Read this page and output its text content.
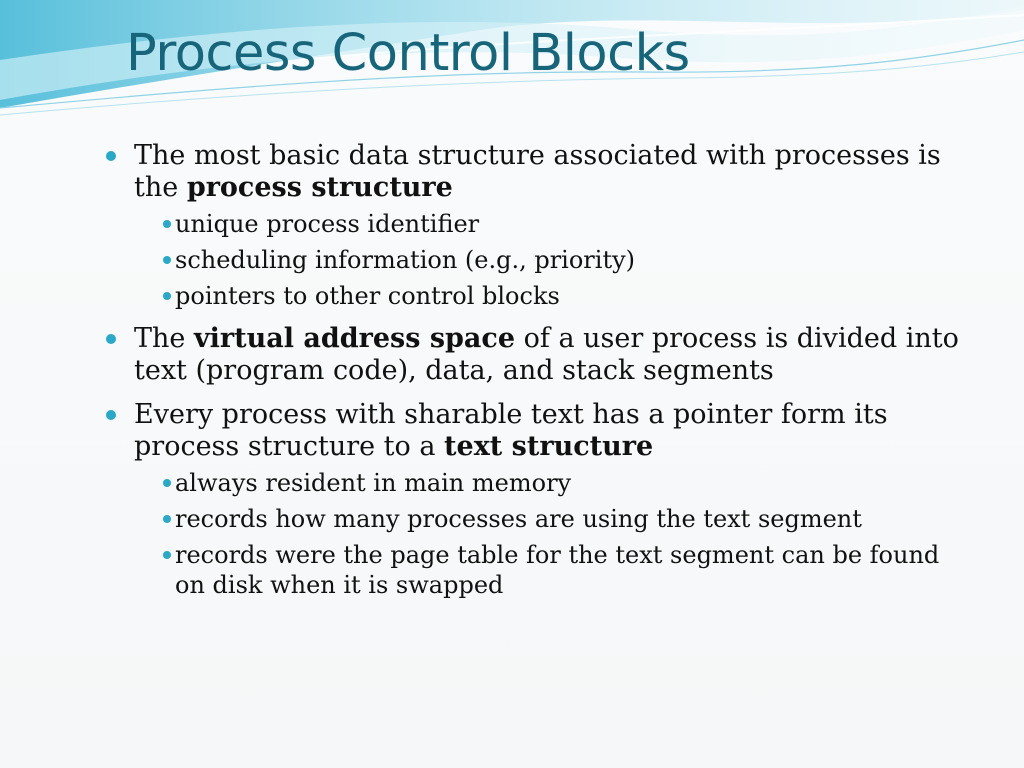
Process Control Blocks
The most basic data structure associated with processes is the process structure
unique process identifier
scheduling information (e.g., priority)
pointers to other control blocks
The virtual address space of a user process is divided into text (program code), data, and stack segments
Every process with sharable text has a pointer form its process structure to a text structure
always resident in main memory
records how many processes are using the text segment
records were the page table for the text segment can be found on disk when it is swapped
